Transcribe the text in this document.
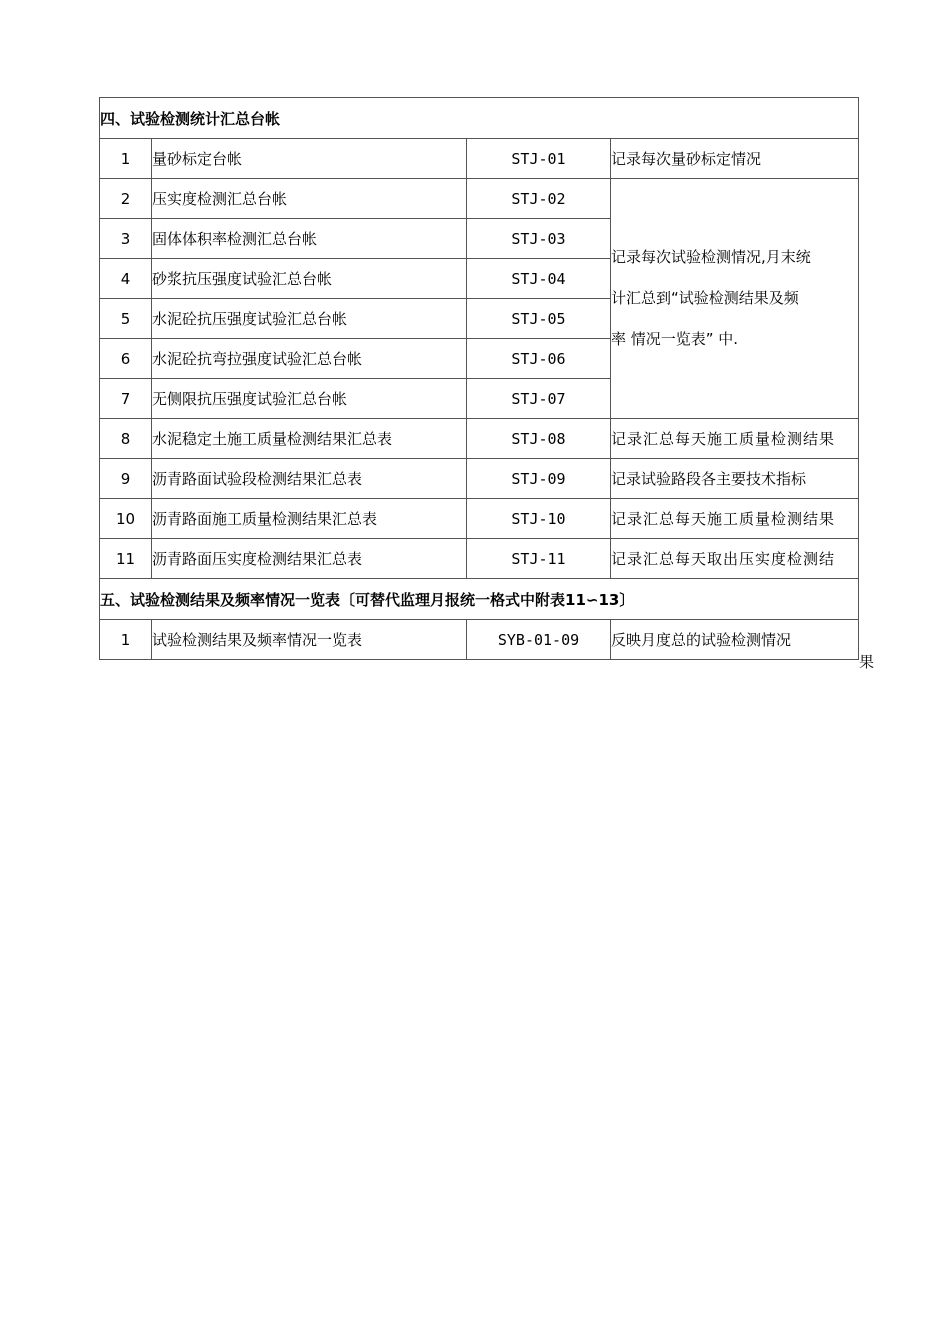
四、试验检测统计汇总台帐			
1	量砂标定台帐	STJ-01	记录每次量砂标定情况
2	压实度检测汇总台帐	STJ-02	记录每次试验检测情况,月末统
计汇总到“试验检测结果及频
率 情况一览表” 中.

3	固体体积率检测汇总台帐	STJ-03	
4	砂浆抗压强度试验汇总台帐	STJ-04	
5	水泥砼抗压强度试验汇总台帐	STJ-05	
6	水泥砼抗弯拉强度试验汇总台帐	STJ-06	
7	无侧限抗压强度试验汇总台帐	STJ-07	
8	水泥稳定土施工质量检测结果汇总表	STJ-08	记录汇总每天施工质量检测结果
9	沥青路面试验段检测结果汇总表	STJ-09	记录试验路段各主要技术指标
10	沥青路面施工质量检测结果汇总表	STJ-10	记录汇总每天施工质量检测结果
11	沥青路面压实度检测结果汇总表	STJ-11	记录汇总每天取出压实度检测结
五、试验检测结果及频率情况一览表〔可替代监理月报统一格式中附表11∽13〕			
1	试验检测结果及频率情况一览表	SYB-01-09	反映月度总的试验检测情况
果
